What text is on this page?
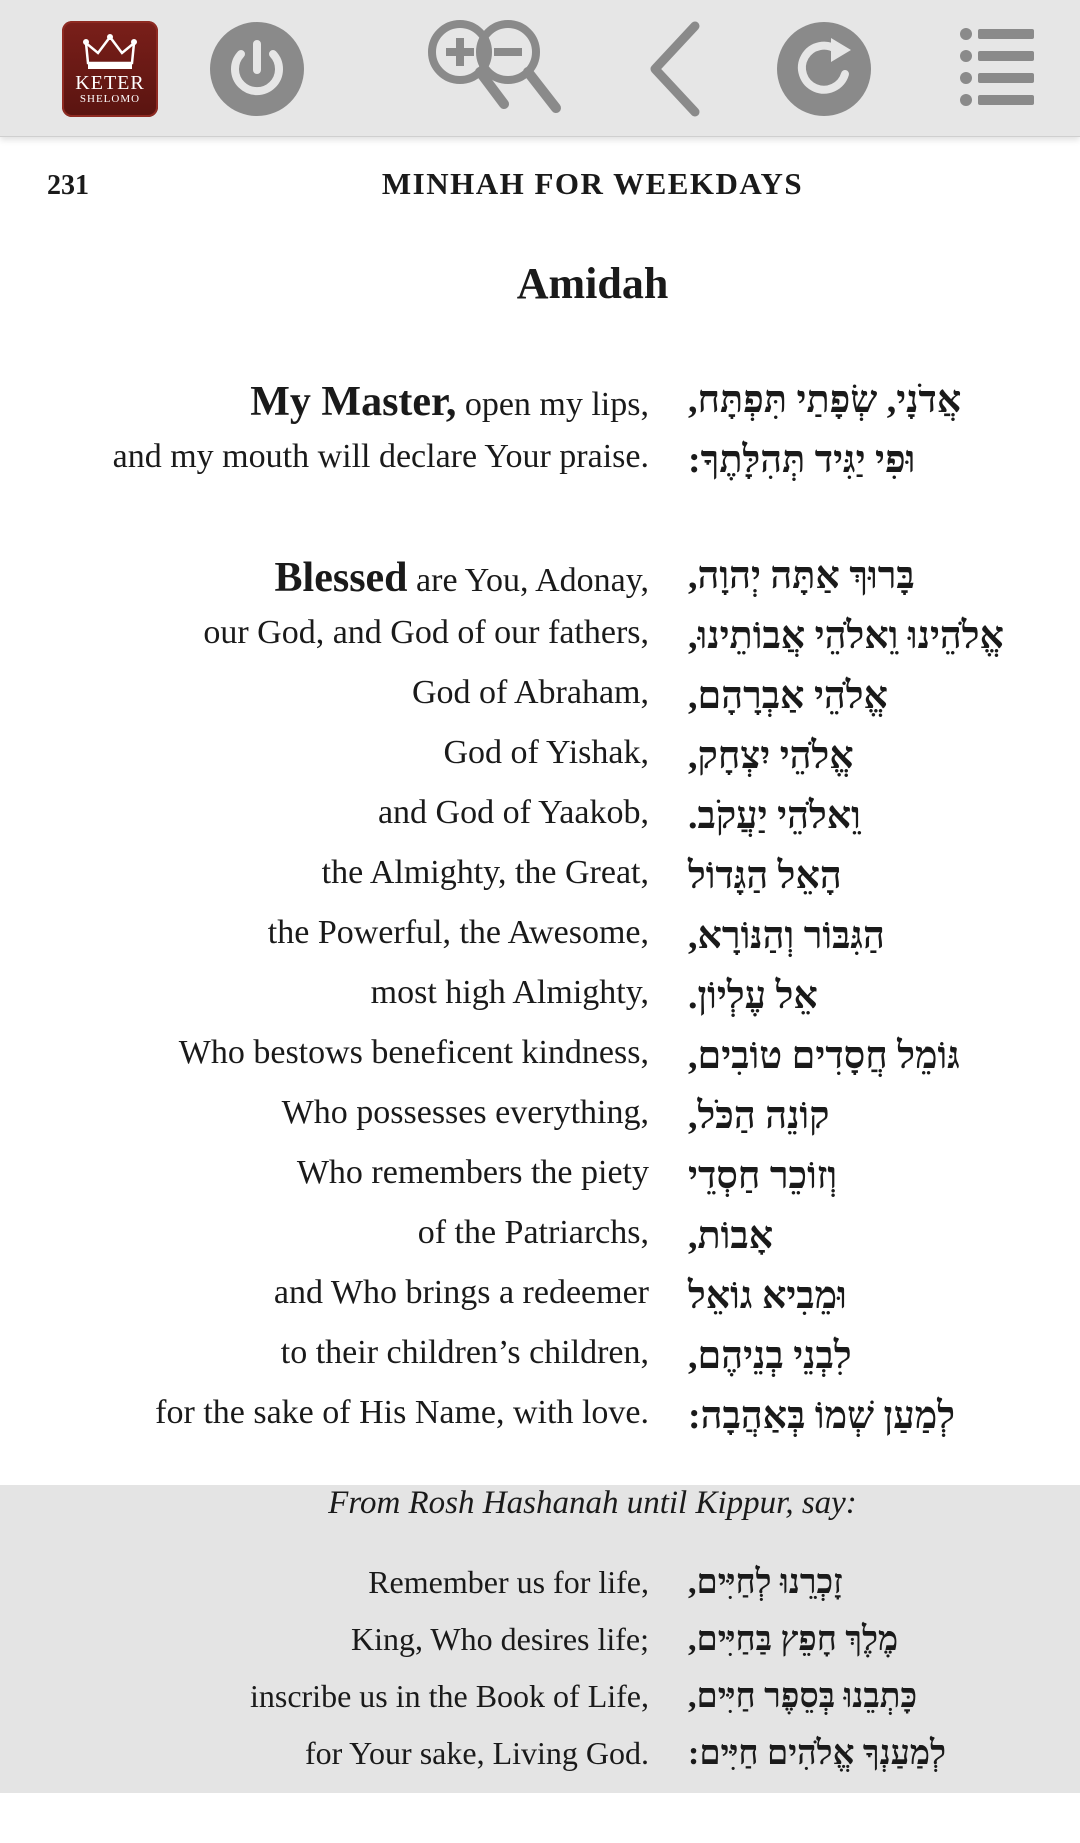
KETER
SHELOMO
231	MINHAH FOR WEEKDAYS
Amidah
My Master, open my lips, אֲדֹנָי, שְׂפָתַי תִּפְתָּח,
and my mouth will declare Your praise. וּפִי יַגִּיד תְּהִלָּתֶךָ:
Blessed are You, Adonay, בָּרוּךְ אַתָּה יְהוָה,
our God, and God of our fathers, אֱלֹהֵינוּ וֵאלֹהֵי אֲבוֹתֵינוּ,
God of Abraham, אֱלֹהֵי אַבְרָהָם,
God of Yishak, אֱלֹהֵי יִצְחָק,
and God of Yaakob, וֵאלֹהֵי יַעֲקֹב.
the Almighty, the Great, הָאֵל הַגָּדוֹל
the Powerful, the Awesome, הַגִּבּוֹר וְהַנּוֹרָא,
most high Almighty, אֵל עֶלְיוֹן.
Who bestows beneficent kindness, גּוֹמֵל חֲסָדִים טוֹבִים,
Who possesses everything, קוֹנֵה הַכֹּל,
Who remembers the piety וְזוֹכֵר חַסְדֵי
of the Patriarchs, אָבוֹת,
and Who brings a redeemer וּמֵבִיא גוֹאֵל
to their children’s children, לִבְנֵי בְנֵיהֶם,
for the sake of His Name, with love. לְמַעַן שְׁמוֹ בְּאַהֲבָה:
From Rosh Hashanah until Kippur, say:
Remember us for life, זָכְרֵנוּ לְחַיִּים,
King, Who desires life; מֶלֶךְ חָפֵץ בַּחַיִּים,
inscribe us in the Book of Life, כָּתְבֵנוּ בְּסֵפֶר חַיִּים,
for Your sake, Living God. לְמַעַנְךָ אֱלֹהִים חַיִּים:
